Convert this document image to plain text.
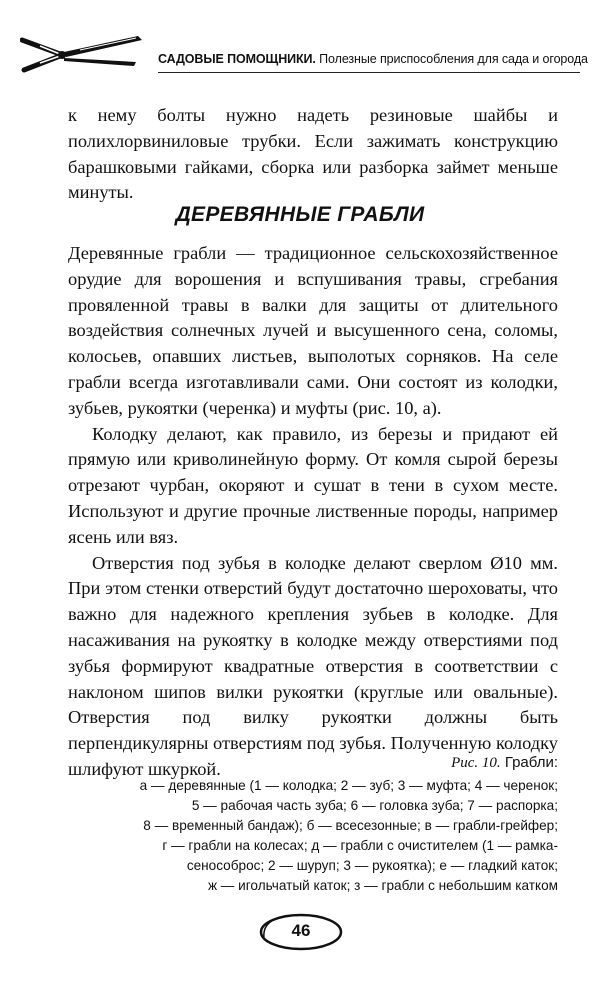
САДОВЫЕ ПОМОЩНИКИ. Полезные приспособления для сада и огорода
к нему болты нужно надеть резиновые шайбы и полихлорвиниловые трубки. Если зажимать конструкцию барашковыми гайками, сборка или разборка займет меньше минуты.
ДЕРЕВЯННЫЕ ГРАБЛИ

Деревянные грабли — традиционное сельскохозяйственное орудие для ворошения и вспушивания травы, сгребания провяленной травы в валки для защиты от длительного воздействия солнечных лучей и высушенного сена, соломы, колосьев, опавших листьев, выполотых сорняков. На селе грабли всегда изготавливали сами. Они состоят из колодки, зубьев, рукоятки (черенка) и муфты (рис. 10, а).

Колодку делают, как правило, из березы и придают ей прямую или криволинейную форму. От комля сырой березы отрезают чурбан, окоряют и сушат в тени в сухом месте. Используют и другие прочные лиственные породы, например ясень или вяз.

Отверстия под зубья в колодке делают сверлом Ø10 мм. При этом стенки отверстий будут достаточно шероховаты, что важно для надежного крепления зубьев в колодке. Для насаживания на рукоятку в колодке между отверстиями под зубья формируют квадратные отверстия в соответствии с наклоном шипов вилки рукоятки (круглые или овальные). Отверстия под вилку рукоятки должны быть перпендикулярны отверстиям под зубья. Полученную колодку шлифуют шкуркой.	Рис. 10. Грабли:
а — деревянные (1 — колодка; 2 — зуб; 3 — муфта; 4 — черенок;
5 — рабочая часть зуба; 6 — головка зуба; 7 — распорка;
8 — временный бандаж); б — всесезонные; в — грабли-грейфер;
г — грабли на колесах; д — грабли с очистителем (1 — рамка-
сенособрос; 2 — шуруп; 3 — рукоятка); е — гладкий каток;
ж — игольчатый каток; з — грабли с небольшим катком
46
